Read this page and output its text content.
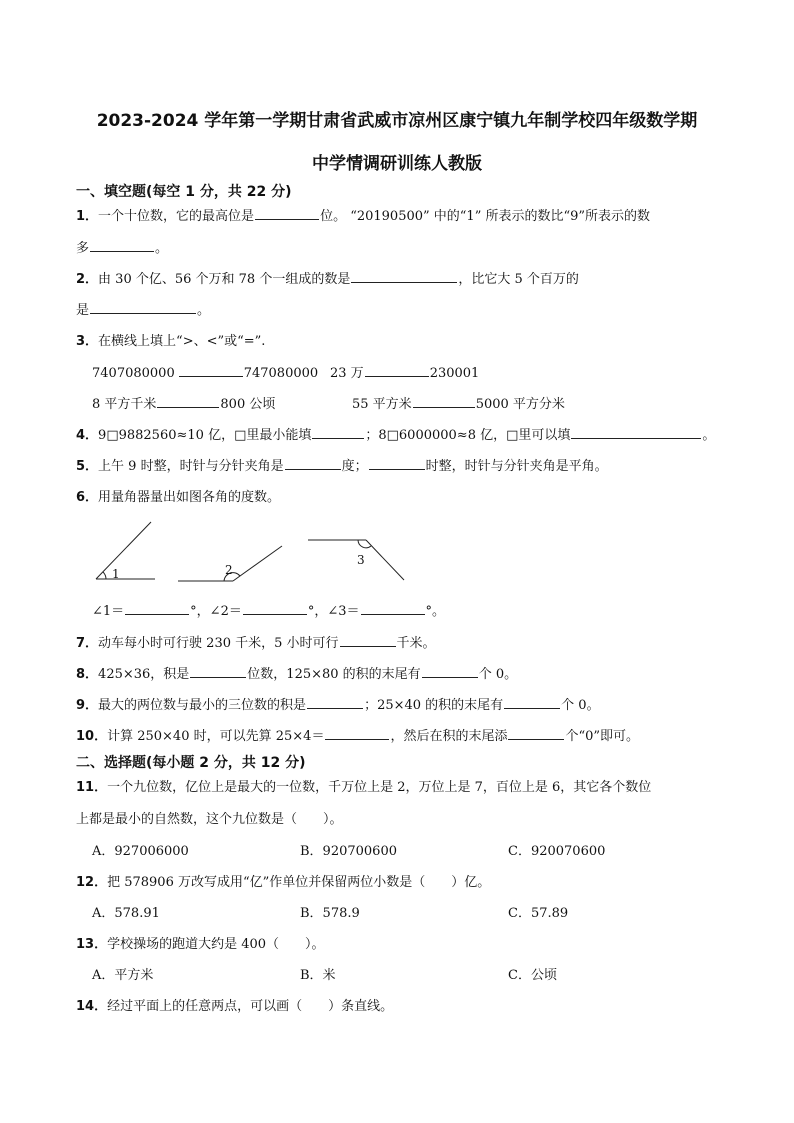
2023-2024 学年第一学期甘肃省武威市凉州区康宁镇九年制学校四年级数学期
中学情调研训练人教版
一、填空题(每空 1 分，共 22 分)
1．一个十位数，它的最高位是	位。 “20190500” 中的“1” 所表示的数比“9”所表示的数
多	。
2．由 30 个亿、56 个万和 78 个一组成的数是	，比它大 5 个百万的
是	。
3．在横线上填上“>、<”或“=”.
7407080000	747080000 23 万	230001
8 平方千米	800 公顷	55 平方米	5000 平方分米
4．9□9882560≈10 亿，□里最小能填	；8□6000000≈8 亿，□里可以填	。
5．上午 9 时整，时针与分针夹角是	度；	时整，时针与分针夹角是平角。
6．用量角器量出如图各角的度数。
1	2
3
∠1＝	°，∠2＝	°，∠3＝	°。
7．动车每小时可行驶 230 千米，5 小时可行	千米。
8．425×36，积是	位数，125×80 的积的末尾有	个 0。
9．最大的两位数与最小的三位数的积是	；25×40 的积的末尾有	个 0。
10．计算 250×40 时，可以先算 25×4＝	，然后在积的末尾添	个“0”即可。
二、选择题(每小题 2 分，共 12 分)
11．一个九位数，亿位上是最大的一位数，千万位上是 2，万位上是 7，百位上是 6，其它各个数位
上都是最小的自然数，这个九位数是（　　）。
A．927006000	B．920700600	C．920070600
12．把 578906 万改写成用“亿”作单位并保留两位小数是（　　）亿。
A．578.91	B．578.9	C．57.89
13．学校操场的跑道大约是 400（　　）。
A．平方米	B．米	C．公顷
14．经过平面上的任意两点，可以画（　　）条直线。
